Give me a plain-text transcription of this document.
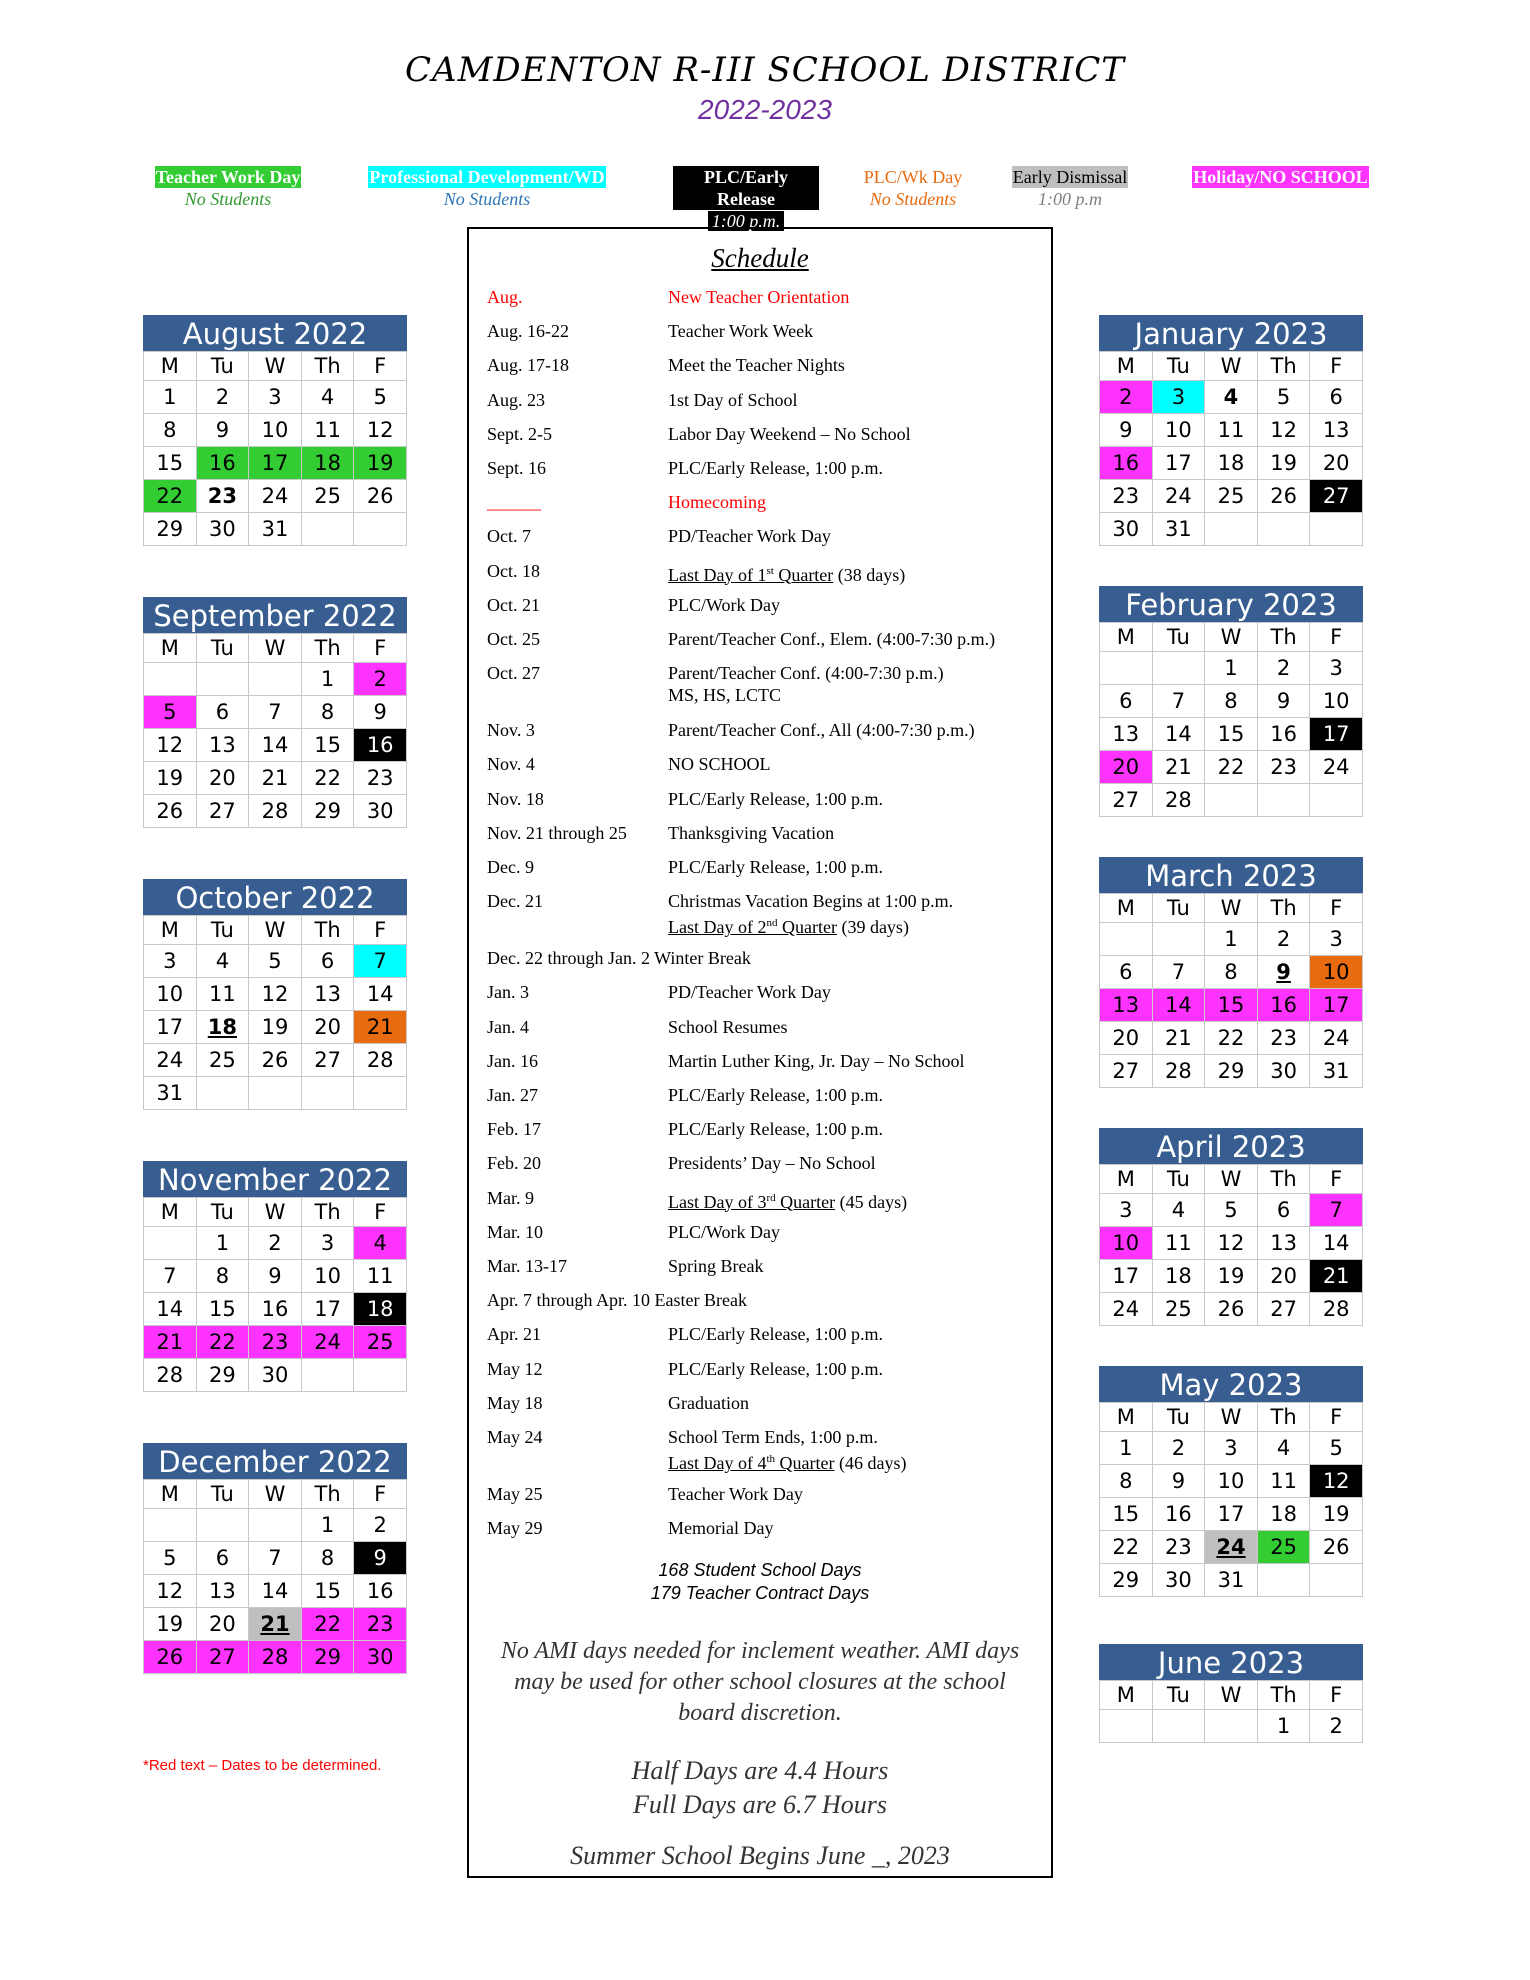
CAMDENTON R-III SCHOOL DISTRICT
2022-2023
Teacher Work Day
No Students
Professional Development/WD
No Students
PLC/Early Release
1:00 p.m.
PLC/Wk Day
No Students
Early Dismissal
1:00 p.m
Holiday/NO SCHOOL
August 2022
M	Tu	W	Th	F
1	2	3	4	5
8	9	10	11	12
15	16	17	18	19
22	23	24	25	26
29	30	31		
September 2022
M	Tu	W	Th	F
			1	2
5	6	7	8	9
12	13	14	15	16
19	20	21	22	23
26	27	28	29	30
October 2022
M	Tu	W	Th	F
3	4	5	6	7
10	11	12	13	14
17	18	19	20	21
24	25	26	27	28
31				
November 2022
M	Tu	W	Th	F
	1	2	3	4
7	8	9	10	11
14	15	16	17	18
21	22	23	24	25
28	29	30		
December 2022
M	Tu	W	Th	F
			1	2
5	6	7	8	9
12	13	14	15	16
19	20	21	22	23
26	27	28	29	30
January 2023
M	Tu	W	Th	F
2	3	4	5	6
9	10	11	12	13
16	17	18	19	20
23	24	25	26	27
30	31			
February 2023
M	Tu	W	Th	F
		1	2	3
6	7	8	9	10
13	14	15	16	17
20	21	22	23	24
27	28			
March 2023
M	Tu	W	Th	F
		1	2	3
6	7	8	9	10
13	14	15	16	17
20	21	22	23	24
27	28	29	30	31
April 2023
M	Tu	W	Th	F
3	4	5	6	7
10	11	12	13	14
17	18	19	20	21
24	25	26	27	28
May 2023
M	Tu	W	Th	F
1	2	3	4	5
8	9	10	11	12
15	16	17	18	19
22	23	24	25	26
29	30	31		
June 2023
M	Tu	W	Th	F
			1	2
Schedule
Aug.	New Teacher Orientation
Aug. 16-22	Teacher Work Week
Aug. 17-18	Meet the Teacher Nights
Aug. 23	1st Day of School
Sept. 2-5	Labor Day Weekend – No School
Sept. 16	PLC/Early Release, 1:00 p.m.
______	Homecoming
Oct. 7	PD/Teacher Work Day
Oct. 18	Last Day of 1st Quarter (38 days)
Oct. 21	PLC/Work Day
Oct. 25	Parent/Teacher Conf., Elem. (4:00-7:30 p.m.)
Oct. 27	Parent/Teacher Conf. (4:00-7:30 p.m.)
MS, HS, LCTC
Nov. 3	Parent/Teacher Conf., All (4:00-7:30 p.m.)
Nov. 4	NO SCHOOL
Nov. 18	PLC/Early Release, 1:00 p.m.
Nov. 21 through 25 Thanksgiving Vacation
Dec. 9	PLC/Early Release, 1:00 p.m.
Dec. 21	Christmas Vacation Begins at 1:00 p.m.
Last Day of 2nd Quarter (39 days)
Dec. 22 through Jan. 2 Winter Break
Jan. 3	PD/Teacher Work Day
Jan. 4	School Resumes
Jan. 16	Martin Luther King, Jr. Day – No School
Jan. 27	PLC/Early Release, 1:00 p.m.
Feb. 17	PLC/Early Release, 1:00 p.m.
Feb. 20	Presidents’ Day – No School
Mar. 9	Last Day of 3rd Quarter (45 days)
Mar. 10	PLC/Work Day
Mar. 13-17	Spring Break
Apr. 7 through Apr. 10 Easter Break
Apr. 21	PLC/Early Release, 1:00 p.m.
May 12	PLC/Early Release, 1:00 p.m.
May 18	Graduation
May 24	School Term Ends, 1:00 p.m.
Last Day of 4th Quarter (46 days)
May 25	Teacher Work Day
May 29	Memorial Day
168 Student School Days
179 Teacher Contract Days
No AMI days needed for inclement weather. AMI days may be used for other school closures at the school board discretion.
Half Days are 4.4 Hours
Full Days are 6.7 Hours
Summer School Begins June _, 2023
*Red text – Dates to be determined.
